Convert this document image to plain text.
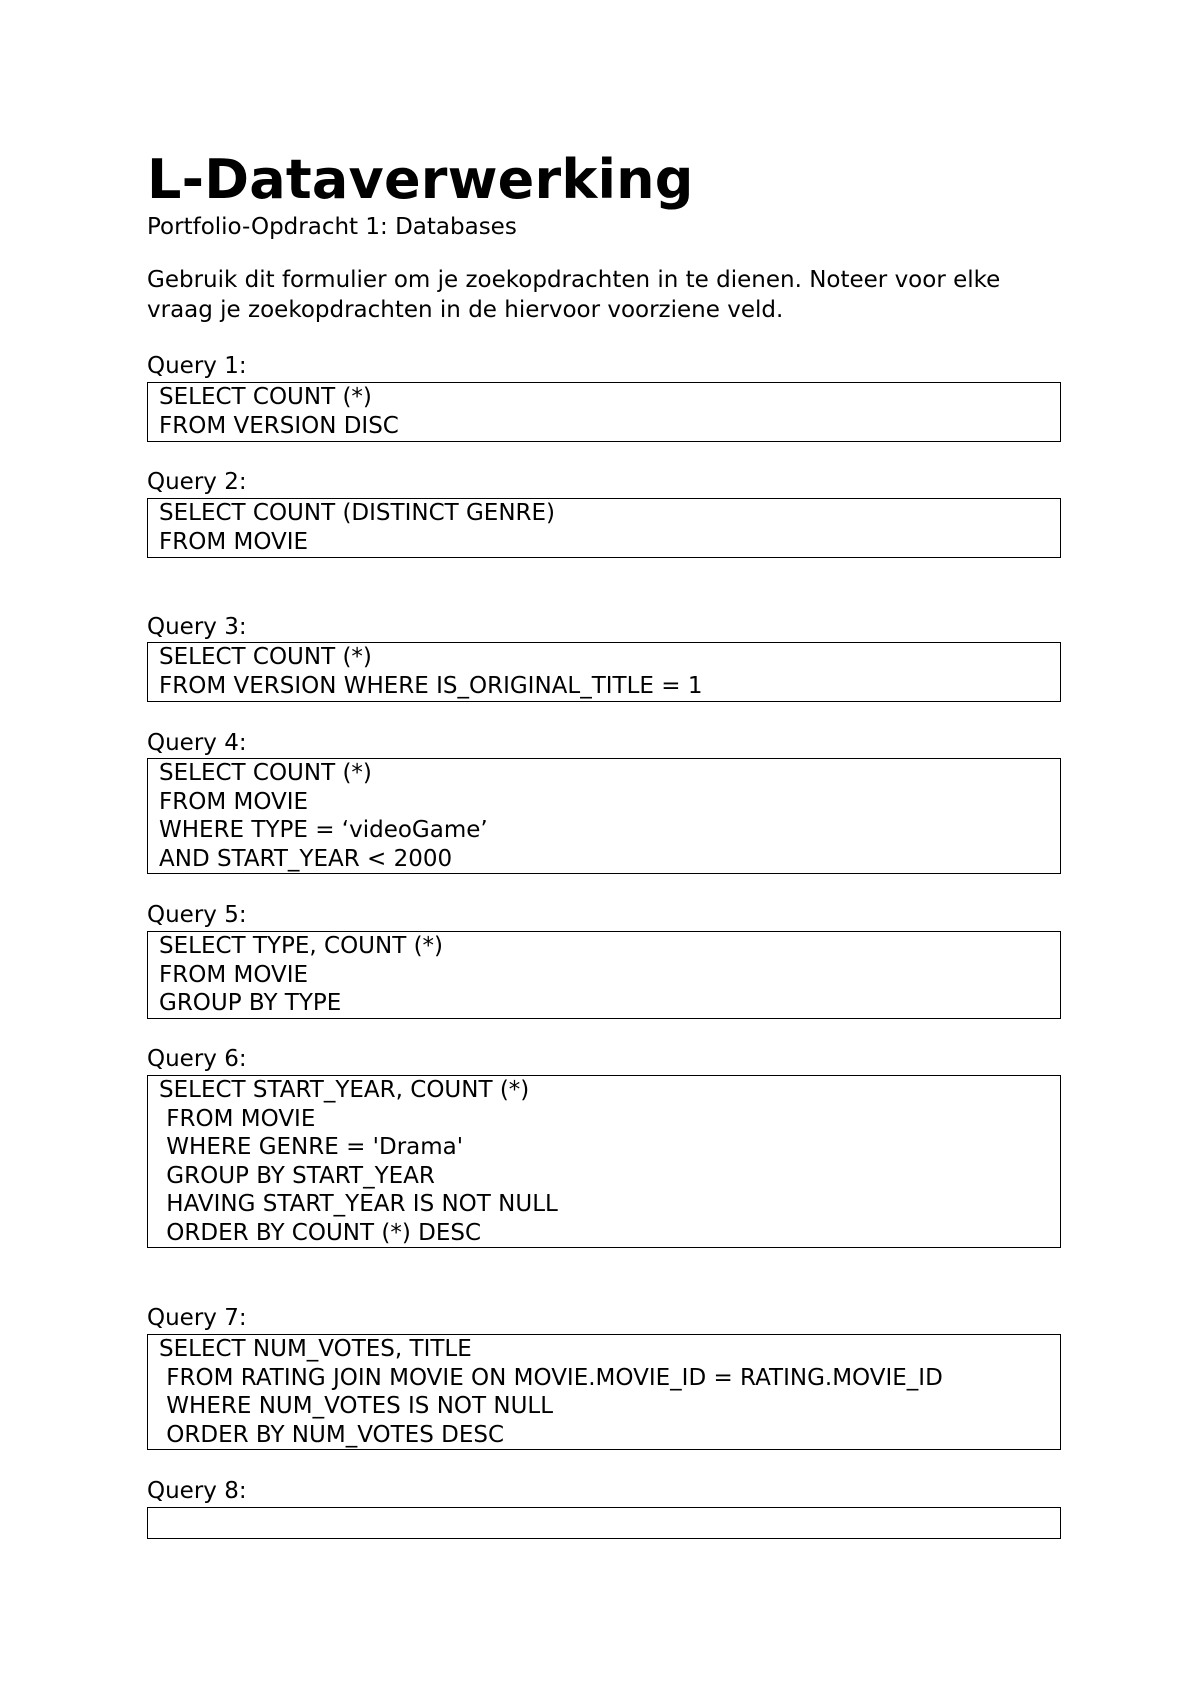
L-Dataverwerking

Portfolio-Opdracht 1: Databases

Gebruik dit formulier om je zoekopdrachten in te dienen. Noteer voor elke vraag je zoekopdrachten in de hiervoor voorziene veld.

Query 1:
SELECT COUNT (*)
FROM VERSION DISC
Query 2:
SELECT COUNT (DISTINCT GENRE)
FROM MOVIE
Query 3:
SELECT COUNT (*)
FROM VERSION WHERE IS_ORIGINAL_TITLE = 1
Query 4:
SELECT COUNT (*)
FROM MOVIE
WHERE TYPE = ‘videoGame’
AND START_YEAR < 2000
Query 5:
SELECT TYPE, COUNT (*)
FROM MOVIE
GROUP BY TYPE
Query 6:
SELECT START_YEAR, COUNT (*)
FROM MOVIE
WHERE GENRE = 'Drama'
GROUP BY START_YEAR
HAVING START_YEAR IS NOT NULL
ORDER BY COUNT (*) DESC
Query 7:
SELECT NUM_VOTES, TITLE
FROM RATING JOIN MOVIE ON MOVIE.MOVIE_ID = RATING.MOVIE_ID
WHERE NUM_VOTES IS NOT NULL
ORDER BY NUM_VOTES DESC
Query 8:
